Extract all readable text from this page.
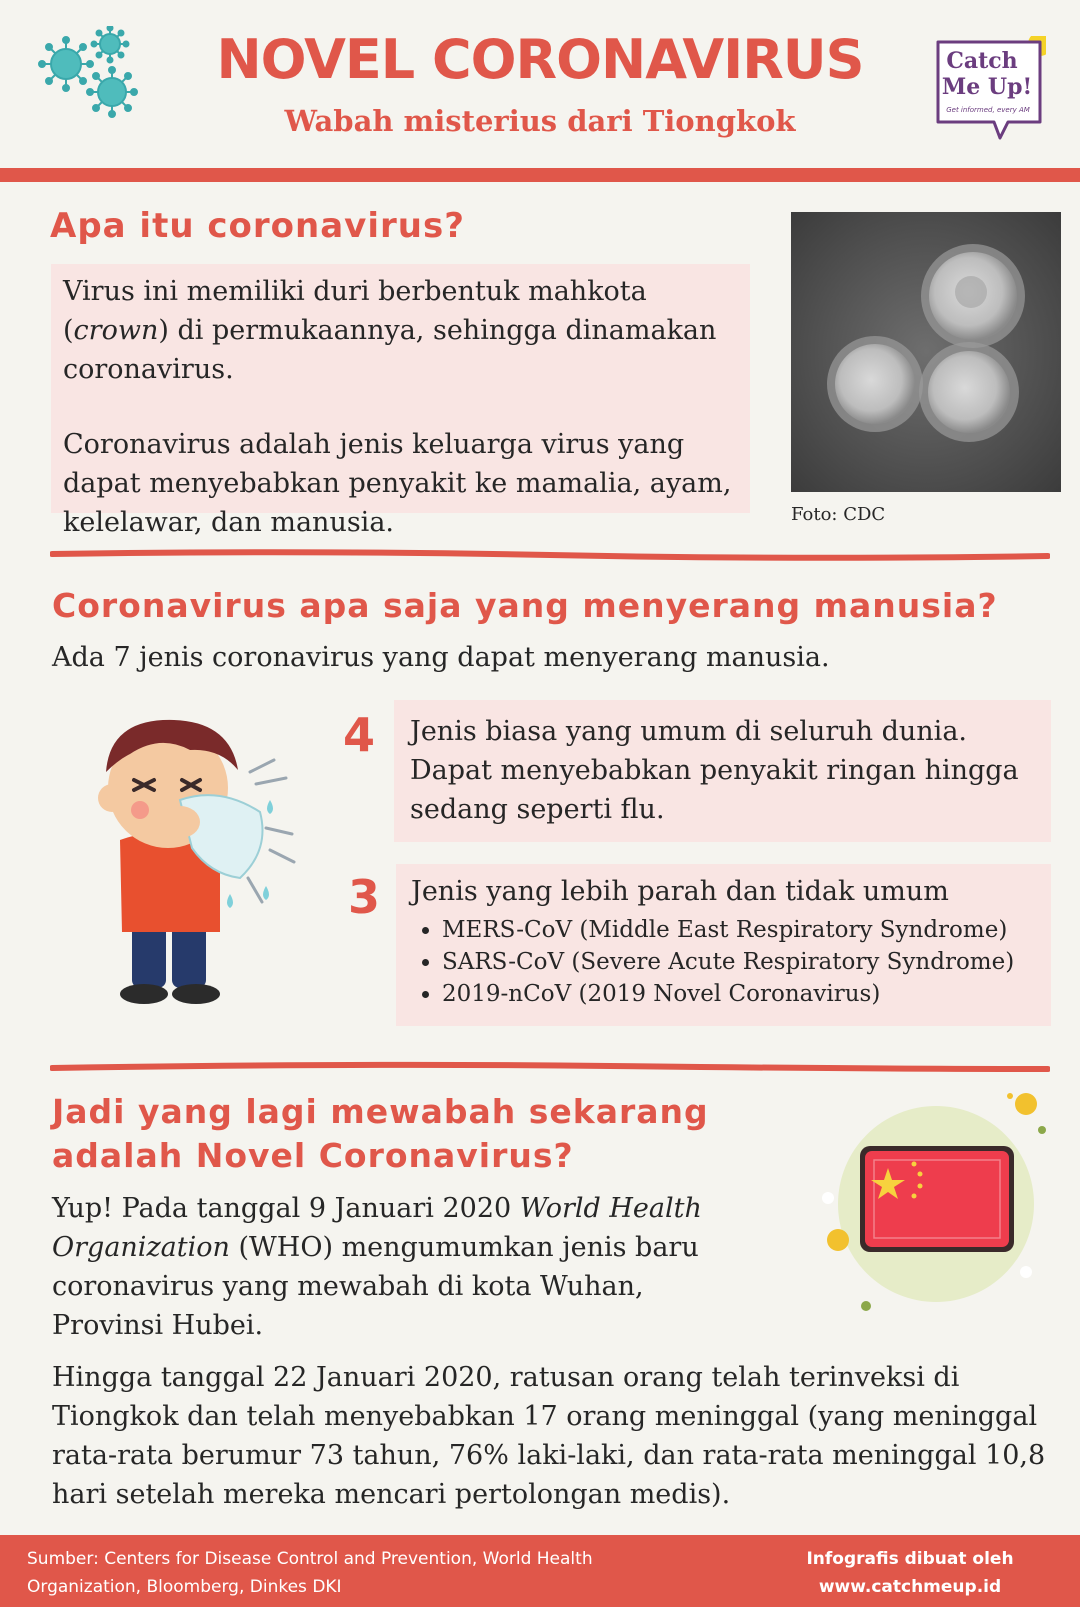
NOVEL CORONAVIRUS
Wabah misterius dari Tiongkok
Catch
Me Up!
Get informed, every AM
Apa itu coronavirus?

Virus ini memiliki duri berbentuk mahkota (crown) di permukaannya, sehingga dinamakan coronavirus.

Coronavirus adalah jenis keluarga virus yang dapat menyebabkan penyakit ke mamalia, ayam, kelelawar, dan manusia.	Foto: CDC
Coronavirus apa saja yang menyerang manusia?
Ada 7 jenis coronavirus yang dapat menyerang manusia.
4	Jenis biasa yang umum di seluruh dunia. Dapat menyebabkan penyakit ringan hingga sedang seperti flu.
3 Jenis yang lebih parah dan tidak umum
MERS-CoV (Middle East Respiratory Syndrome)
SARS-CoV (Severe Acute Respiratory Syndrome)
2019-nCoV (2019 Novel Coronavirus)
Jadi yang lagi mewabah sekarang
adalah Novel Coronavirus?

Yup! Pada tanggal 9 Januari 2020 World Health Organization (WHO) mengumumkan jenis baru coronavirus yang mewabah di kota Wuhan, Provinsi Hubei.

Hingga tanggal 22 Januari 2020, ratusan orang telah terinveksi di Tiongkok dan telah menyebabkan 17 orang meninggal (yang meninggal rata-rata berumur 73 tahun, 76% laki-laki, dan rata-rata meninggal 10,8 hari setelah mereka mencari pertolongan medis).

Sumber: Centers for Disease Control and Prevention, World Health
Organization, Bloomberg, Dinkes DKI
Infografis dibuat oleh
www.catchmeup.id
